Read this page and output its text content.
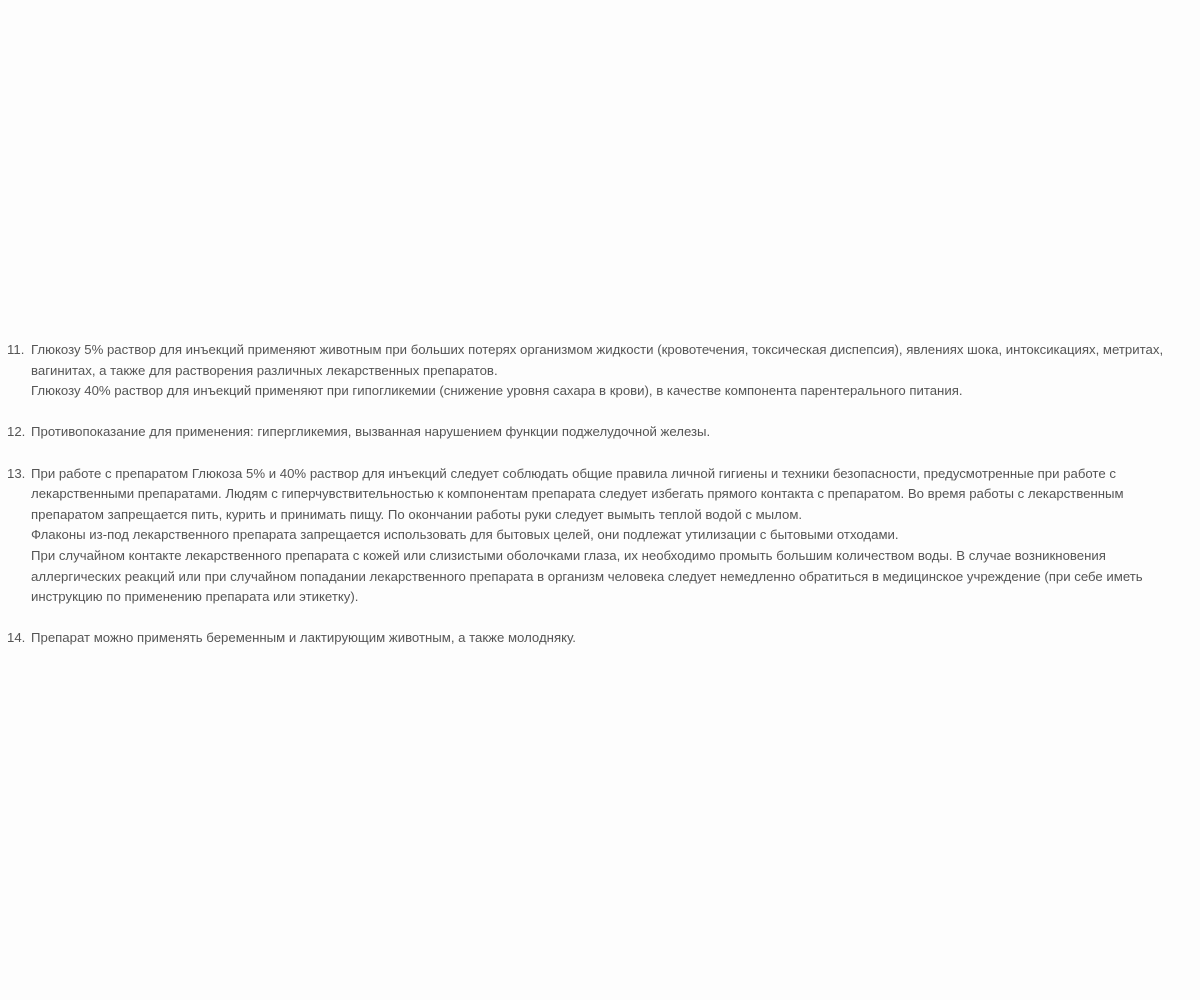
11. Глюкозу 5% раствор для инъекций применяют животным при больших потерях организмом жидкости (кровотечения, токсическая диспепсия), явлениях шока, интоксикациях, метритах, вагинитах, а также для растворения различных лекарственных препаратов.
Глюкозу 40% раствор для инъекций применяют при гипогликемии (снижение уровня сахара в крови), в качестве компонента парентерального питания.
12. Противопоказание для применения: гипергликемия, вызванная нарушением функции поджелудочной железы.
13. При работе с препаратом Глюкоза 5% и 40% раствор для инъекций следует соблюдать общие правила личной гигиены и техники безопасности, предусмотренные при работе с лекарственными препаратами. Людям с гиперчувствительностью к компонентам препарата следует избегать прямого контакта с препаратом. Во время работы с лекарственным препаратом запрещается пить, курить и принимать пищу. По окончании работы руки следует вымыть теплой водой с мылом.
Флаконы из-под лекарственного препарата запрещается использовать для бытовых целей, они подлежат утилизации с бытовыми отходами.
При случайном контакте лекарственного препарата с кожей или слизистыми оболочками глаза, их необходимо промыть большим количеством воды. В случае возникновения аллергических реакций или при случайном попадании лекарственного препарата в организм человека следует немедленно обратиться в медицинское учреждение (при себе иметь инструкцию по применению препарата или этикетку).
14. Препарат можно применять беременным и лактирующим животным, а также молодняку.
